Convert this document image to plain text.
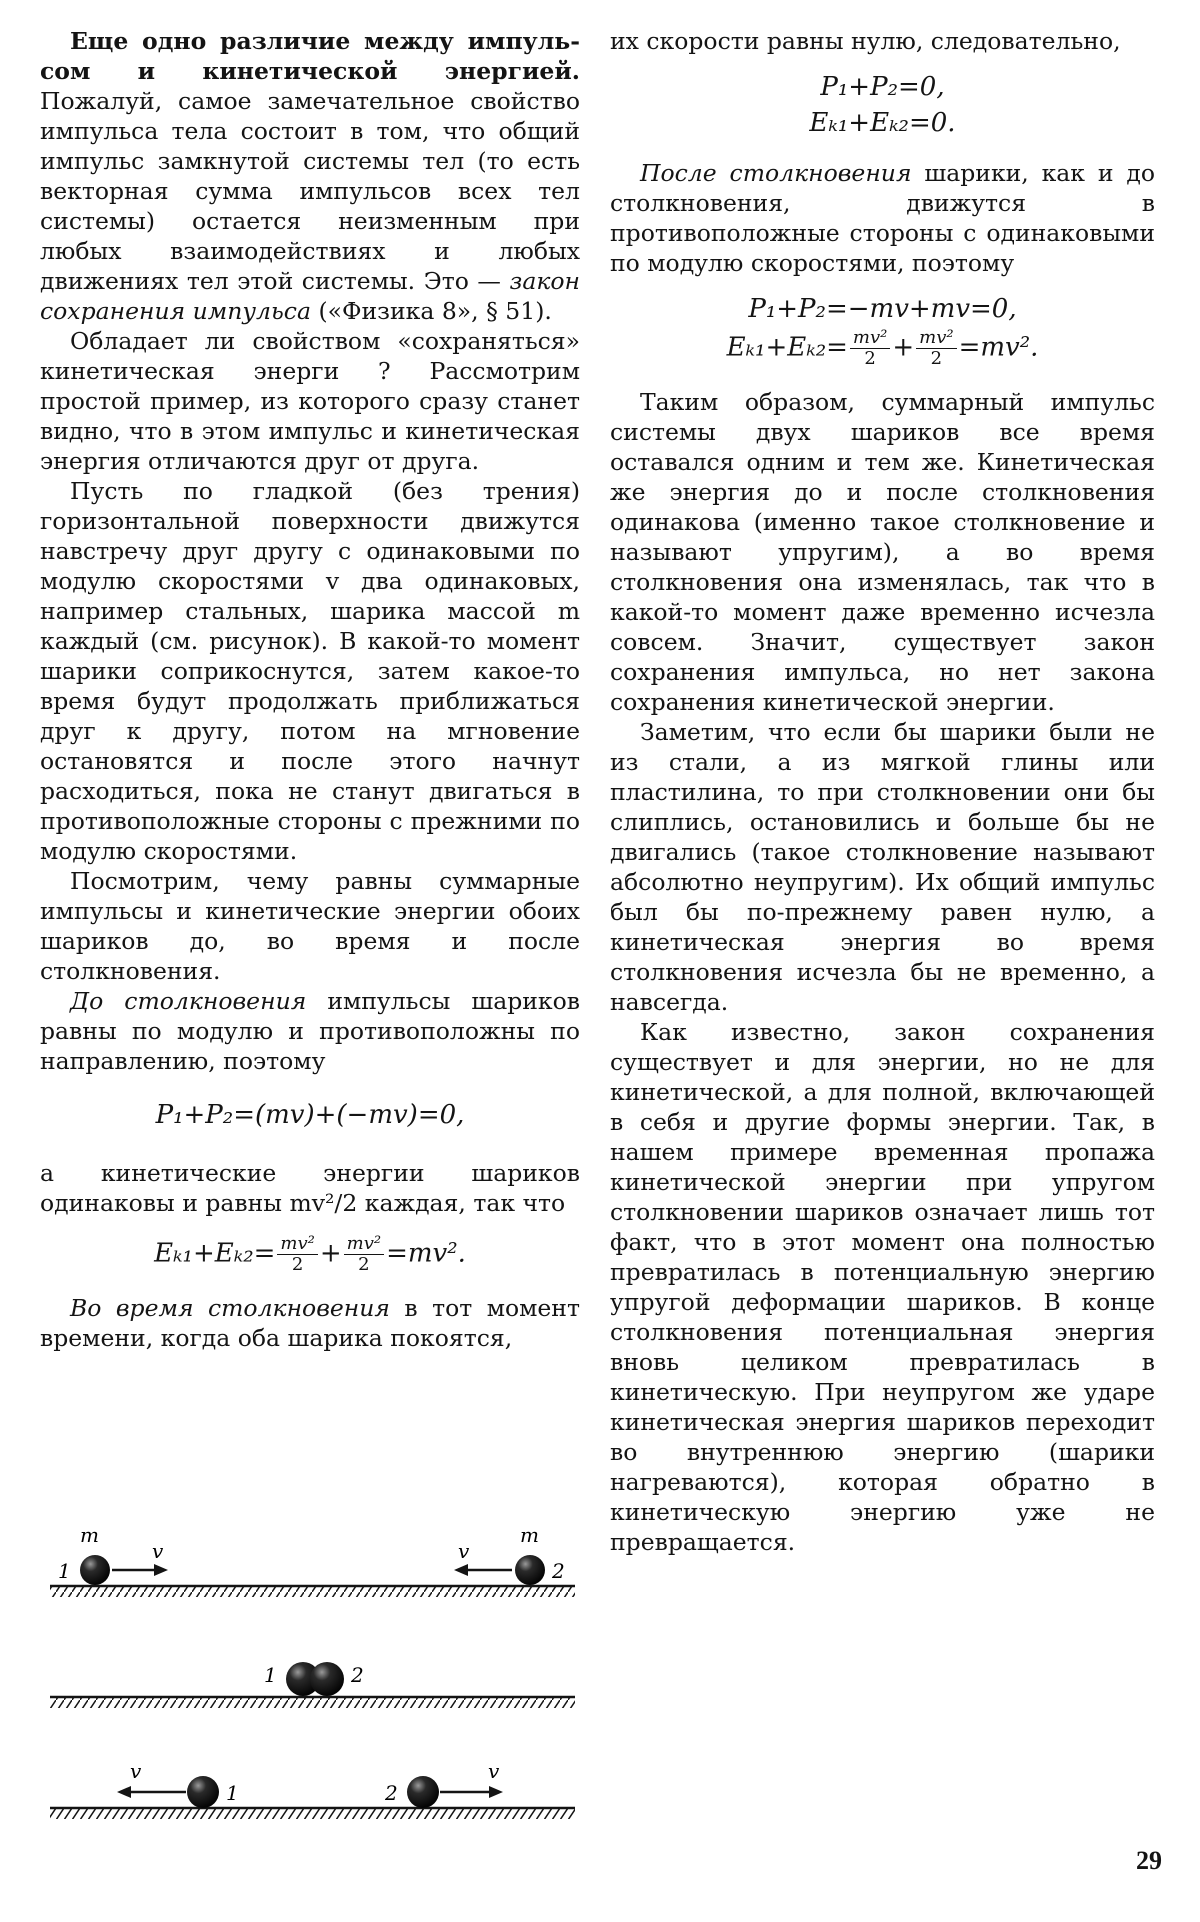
Еще одно различие между импульсом и кинетической энергией. Пожалуй, самое замечательное свойство импульса тела состоит в том, что общий импульс замкнутой системы тел (то есть векторная сумма импульсов всех тел системы) остается неизменным при любых взаимодействиях и любых движениях тел этой системы. Это — закон сохранения импульса («Физика 8», § 51).

Обладает ли свойством «сохраняться» кинетическая энерги ? Рассмотрим простой пример, из которого сразу станет видно, что в этом импульс и кинетическая энергия отличаются друг от друга.

Пусть по гладкой (без трения) горизонтальной поверхности движутся навстречу друг другу с одинаковыми по модулю скоростями v два одинаковых, например стальных, шарика массой m каждый (см. рисунок). В какой-то момент шарики соприкоснутся, затем какое-то время будут продолжать приближаться друг к другу, потом на мгновение остановятся и после этого начнут расходиться, пока не станут двигаться в противоположные стороны с прежними по модулю скоростями.

Посмотрим, чему равны суммарные импульсы и кинетические энергии обоих шариков до, во время и после столкновения.

До столкновения импульсы шариков равны по модулю и противоположны по направлению, поэтому

P₁+P₂=(mv)+(−mv)=0,

а кинетические энергии шариков одинаковы и равны mv²/2 каждая, так что

$E_{k1}+E_{k2}= \frac{\text{mv²}}{2} + \frac{\text{mv²}}{2} =mv^2$.

Во время столкновения в тот момент времени, когда оба шарика покоятся,

их скорости равны нулю, следовательно,

P₁+P₂=0,
Eₖ₁+Eₖ₂=0.

После столкновения шарики, как и до столкновения, движутся в противоположные стороны с одинаковыми по модулю скоростями, поэтому

P₁+P₂=−mv+mv=0,
$E_{k1}+E_{k2}= \frac{\text{mv²}}{2} + \frac{\text{mv²}}{2} =mv^2$.

Таким образом, суммарный импульс системы двух шариков все время оставался одним и тем же. Кинетическая же энергия до и после столкновения одинакова (именно такое столкновение и называют упругим), а во время столкновения она изменялась, так что в какой-то момент даже временно исчезла совсем. Значит, существует закон сохранения импульса, но нет закона сохранения кинетической энергии.

Заметим, что если бы шарики были не из стали, а из мягкой глины или пластилина, то при столкновении они бы слиплись, остановились и больше бы не двигались (такое столкновение называют абсолютно неупругим). Их общий импульс был бы по-прежнему равен нулю, а кинетическая энергия во время столкновения исчезла бы не временно, а навсегда.

Как известно, закон сохранения существует и для энергии, но не для кинетической, а для полной, включающей в себя и другие формы энергии. Так, в нашем примере временная пропажа кинетической энергии при упругом столкновении шариков означает лишь тот факт, что в этот момент она полностью превратилась в потенциальную энергию упругой деформации шариков. В конце столкновения потенциальная энергия вновь целиком превратилась в кинетическую. При неупругом же ударе кинетическая энергия шариков переходит во внутреннюю энергию (шарики нагреваются), которая обратно в кинетическую энергию уже не превращается.

m	m
v	v
1	2
1	2
v	v
1	2
29
